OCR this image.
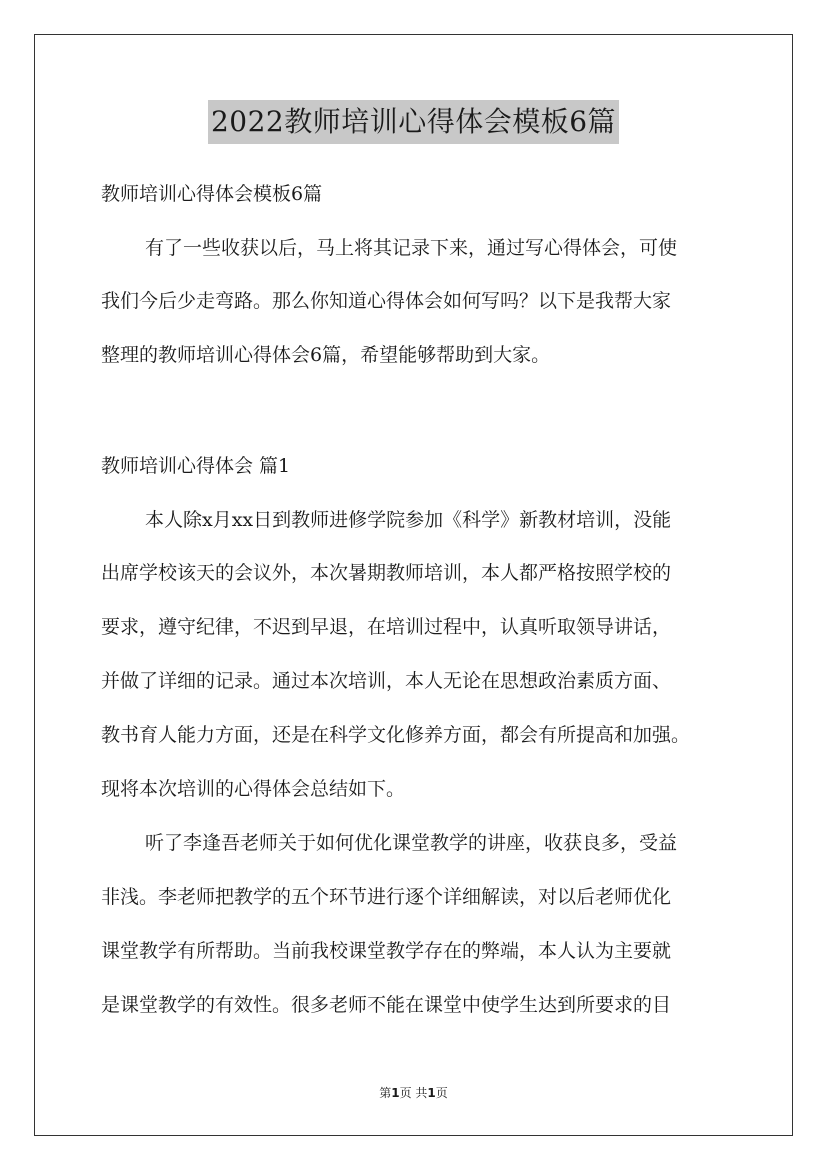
2022教师培训心得体会模板6篇
教师培训心得体会模板6篇
有了一些收获以后，马上将其记录下来，通过写心得体会，可使
我们今后少走弯路。那么你知道心得体会如何写吗？以下是我帮大家
整理的教师培训心得体会6篇，希望能够帮助到大家。
教师培训心得体会 篇1
本人除x月xx日到教师进修学院参加《科学》新教材培训，没能
出席学校该天的会议外，本次暑期教师培训，本人都严格按照学校的
要求，遵守纪律，不迟到早退，在培训过程中，认真听取领导讲话，
并做了详细的记录。通过本次培训，本人无论在思想政治素质方面、
教书育人能力方面，还是在科学文化修养方面，都会有所提高和加强。
现将本次培训的心得体会总结如下。
听了李逢吾老师关于如何优化课堂教学的讲座，收获良多，受益
非浅。李老师把教学的五个环节进行逐个详细解读，对以后老师优化
课堂教学有所帮助。当前我校课堂教学存在的弊端，本人认为主要就
是课堂教学的有效性。很多老师不能在课堂中使学生达到所要求的目
第1页 共1页
